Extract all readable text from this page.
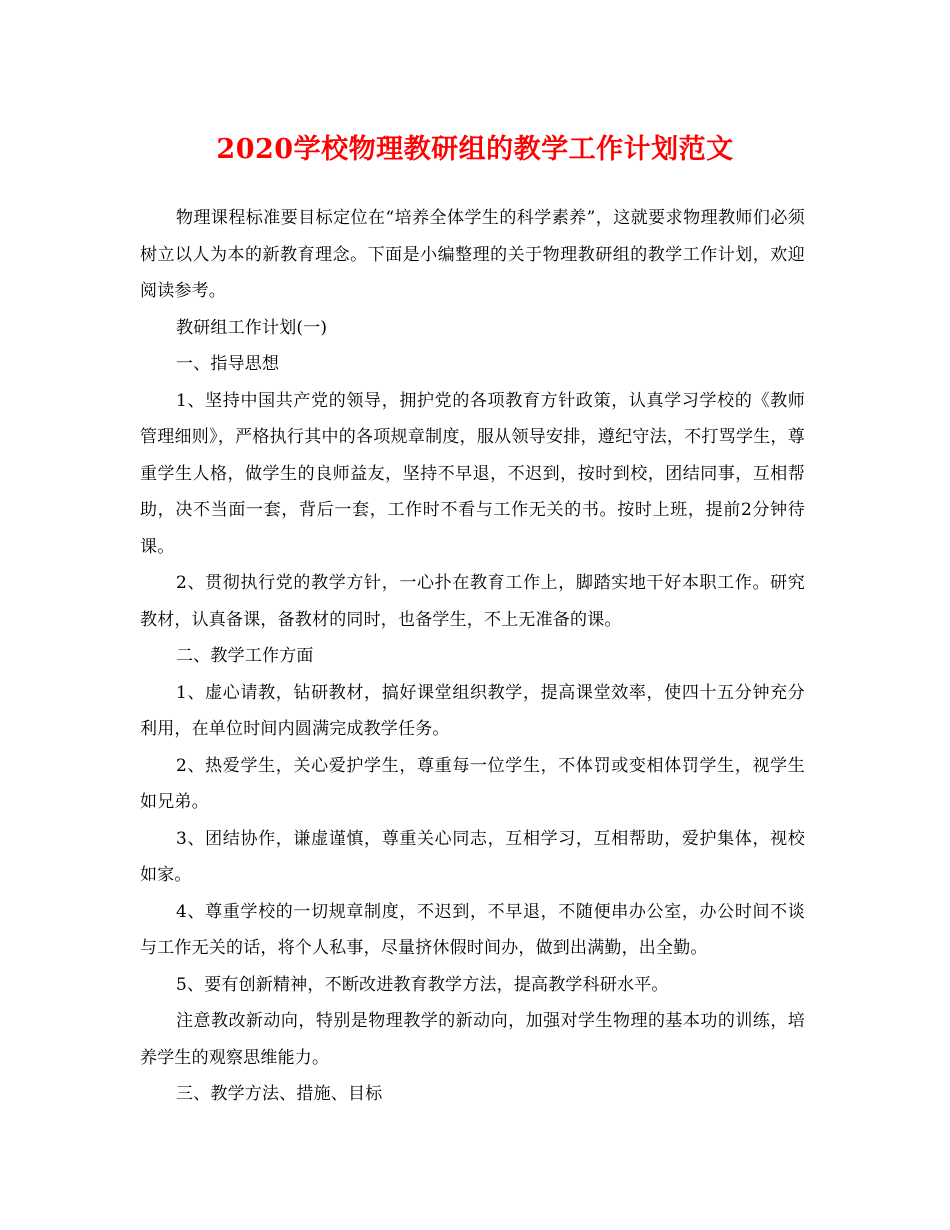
2020学校物理教研组的教学工作计划范文

物理课程标准要目标定位在“培养全体学生的科学素养”，这就要求物理教师们必须树立以人为本的新教育理念。下面是小编整理的关于物理教研组的教学工作计划，欢迎阅读参考。

教研组工作计划(一)

一、指导思想

1、坚持中国共产党的领导，拥护党的各项教育方针政策，认真学习学校的《教师管理细则》，严格执行其中的各项规章制度，服从领导安排，遵纪守法，不打骂学生，尊重学生人格，做学生的良师益友，坚持不早退，不迟到，按时到校，团结同事，互相帮助，决不当面一套，背后一套，工作时不看与工作无关的书。按时上班，提前2分钟待课。

2、贯彻执行党的教学方针，一心扑在教育工作上，脚踏实地干好本职工作。研究教材，认真备课，备教材的同时，也备学生，不上无准备的课。

二、教学工作方面

1、虚心请教，钻研教材，搞好课堂组织教学，提高课堂效率，使四十五分钟充分利用，在单位时间内圆满完成教学任务。

2、热爱学生，关心爱护学生，尊重每一位学生，不体罚或变相体罚学生，视学生如兄弟。

3、团结协作，谦虚谨慎，尊重关心同志，互相学习，互相帮助，爱护集体，视校如家。

4、尊重学校的一切规章制度，不迟到，不早退，不随便串办公室，办公时间不谈与工作无关的话，将个人私事，尽量挤休假时间办，做到出满勤，出全勤。

5、要有创新精神，不断改进教育教学方法，提高教学科研水平。

注意教改新动向，特别是物理教学的新动向，加强对学生物理的基本功的训练，培养学生的观察思维能力。

三、教学方法、措施、目标
